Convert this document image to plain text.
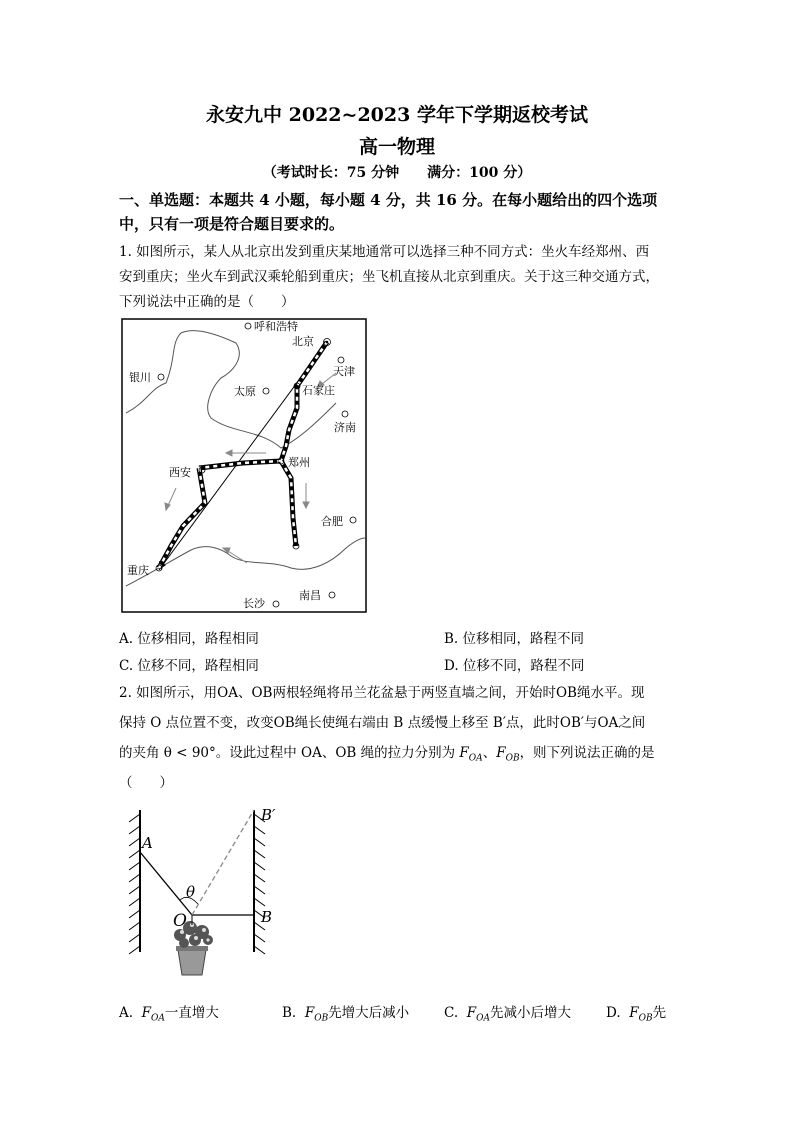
永安九中 2022~2023 学年下学期返校考试
高一物理
（考试时长：75 分钟　　满分：100 分）
一、单选题：本题共 4 小题，每小题 4 分，共 16 分。在每小题给出的四个选项
中，只有一项是符合题目要求的。
1. 如图所示，某人从北京出发到重庆某地通常可以选择三种不同方式：坐火车经郑州、西
安到重庆；坐火车到武汉乘轮船到重庆；坐飞机直接从北京到重庆。关于这三种交通方式，
下列说法中正确的是（　　）
呼和浩特
北京
天津
银川
太原	石家庄
济南
西安
郑州
合肥
重庆
南昌
长沙
A. 位移相同，路程相同	B. 位移相同，路程不同
C. 位移不同，路程相同	D. 位移不同，路程不同
2. 如图所示，用OA、OB两根轻绳将吊兰花盆悬于两竖直墙之间，开始时OB绳水平。现
保持 O 点位置不变，改变OB绳长使绳右端由 B 点缓慢上移至 B′点，此时OB′与OA之间
的夹角 θ < 90°。设此过程中 OA、OB 绳的拉力分别为 $F_{OA}$、$F_{OB}$，则下列说法正确的是
（　　）
A
B′
B
O
θ
A. $F_{OA}$一直增大	B. $F_{OB}$先增大后减小	C. $F_{OA}$先减小后增大	D. $F_{OB}$先
